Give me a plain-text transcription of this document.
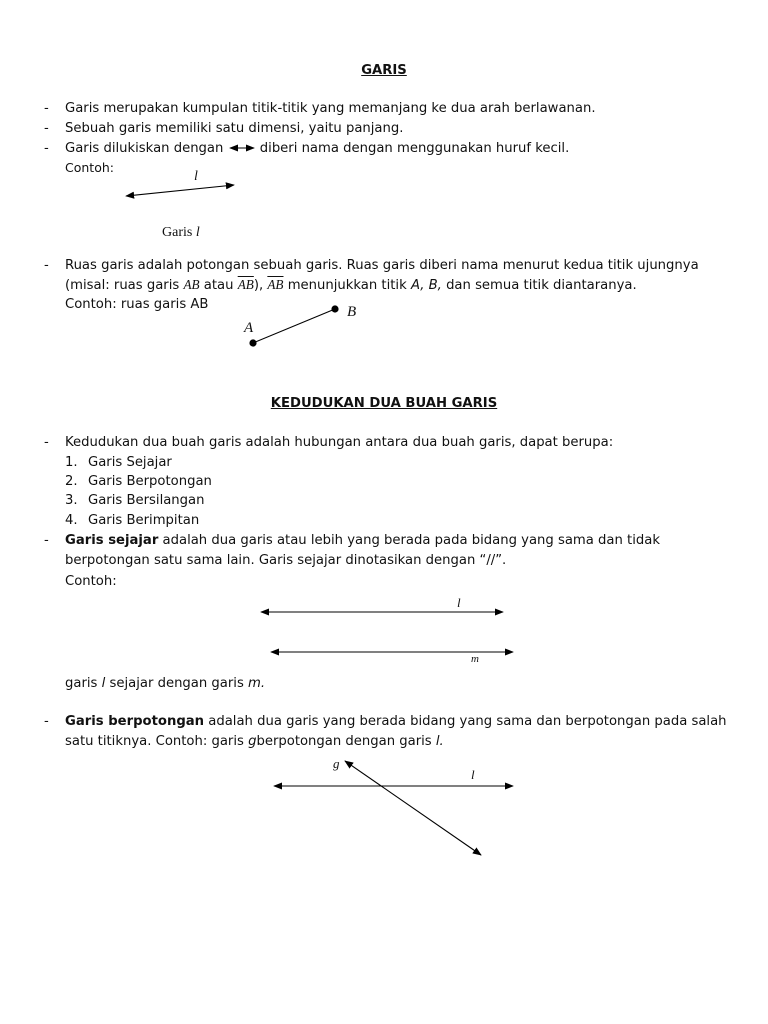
GARIS
- Garis merupakan kumpulan titik-titik yang memanjang ke dua arah berlawanan.
- Sebuah garis memiliki satu dimensi, yaitu panjang.
- Garis dilukiskan dengan	diberi nama dengan menggunakan huruf kecil.
Contoh:
l
Garis l
- Ruas garis adalah potongan sebuah garis. Ruas garis diberi nama menurut kedua titik ujungnya
(misal: ruas garis AB atau $\overline{AB}$), $\overline{AB}$ menunjukkan titik A, B, dan semua titik diantaranya.
Contoh: ruas garis AB
A
B
KEDUDUKAN DUA BUAH GARIS
- Kedudukan dua buah garis adalah hubungan antara dua buah garis, dapat berupa:
1. Garis Sejajar
2. Garis Berpotongan
3. Garis Bersilangan
4. Garis Berimpitan
- Garis sejajar adalah dua garis atau lebih yang berada pada bidang yang sama dan tidak
berpotongan satu sama lain. Garis sejajar dinotasikan dengan “//”.
Contoh:
l
m
garis l sejajar dengan garis m.
- Garis berpotongan adalah dua garis yang berada bidang yang sama dan berpotongan pada salah
satu titiknya. Contoh: garis gberpotongan dengan garis l.
g
l
